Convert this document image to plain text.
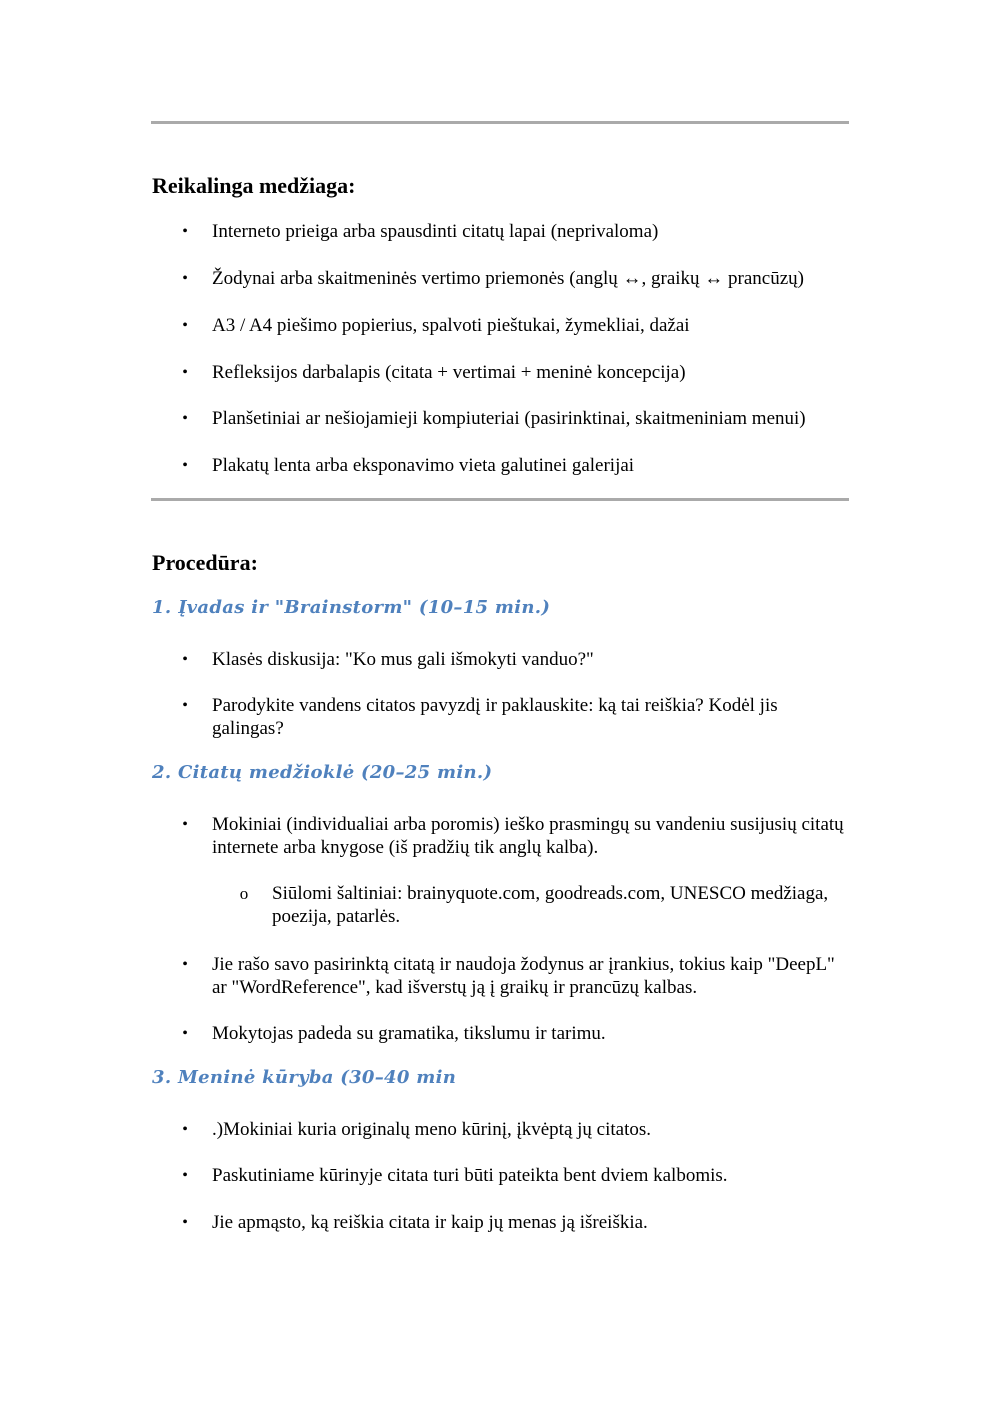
Reikalinga medžiaga:
• Interneto prieiga arba spausdinti citatų lapai (neprivaloma)
• Žodynai arba skaitmeninės vertimo priemonės (anglų ↔, graikų ↔ prancūzų)
• A3 / A4 piešimo popierius, spalvoti pieštukai, žymekliai, dažai
• Refleksijos darbalapis (citata + vertimai + meninė koncepcija)
• Planšetiniai ar nešiojamieji kompiuteriai (pasirinktinai, skaitmeniniam menui)
• Plakatų lenta arba eksponavimo vieta galutinei galerijai
Procedūra:
1. Įvadas ir "Brainstorm" (10–15 min.)
• Klasės diskusija: "Ko mus gali išmokyti vanduo?"
• Parodykite vandens citatos pavyzdį ir paklauskite: ką tai reiškia? Kodėl jis galingas?
2. Citatų medžioklė (20–25 min.)
• Mokiniai (individualiai arba poromis) ieško prasmingų su vandeniu susijusių citatų internete arba knygose (iš pradžių tik anglų kalba).
o Siūlomi šaltiniai: brainyquote.com, goodreads.com, UNESCO medžiaga, poezija, patarlės.
• Jie rašo savo pasirinktą citatą ir naudoja žodynus ar įrankius, tokius kaip "DeepL" ar "WordReference", kad išverstų ją į graikų ir prancūzų kalbas.
• Mokytojas padeda su gramatika, tikslumu ir tarimu.
3. Meninė kūryba (30–40 min
• .)Mokiniai kuria originalų meno kūrinį, įkvėptą jų citatos.
• Paskutiniame kūrinyje citata turi būti pateikta bent dviem kalbomis.
• Jie apmąsto, ką reiškia citata ir kaip jų menas ją išreiškia.
